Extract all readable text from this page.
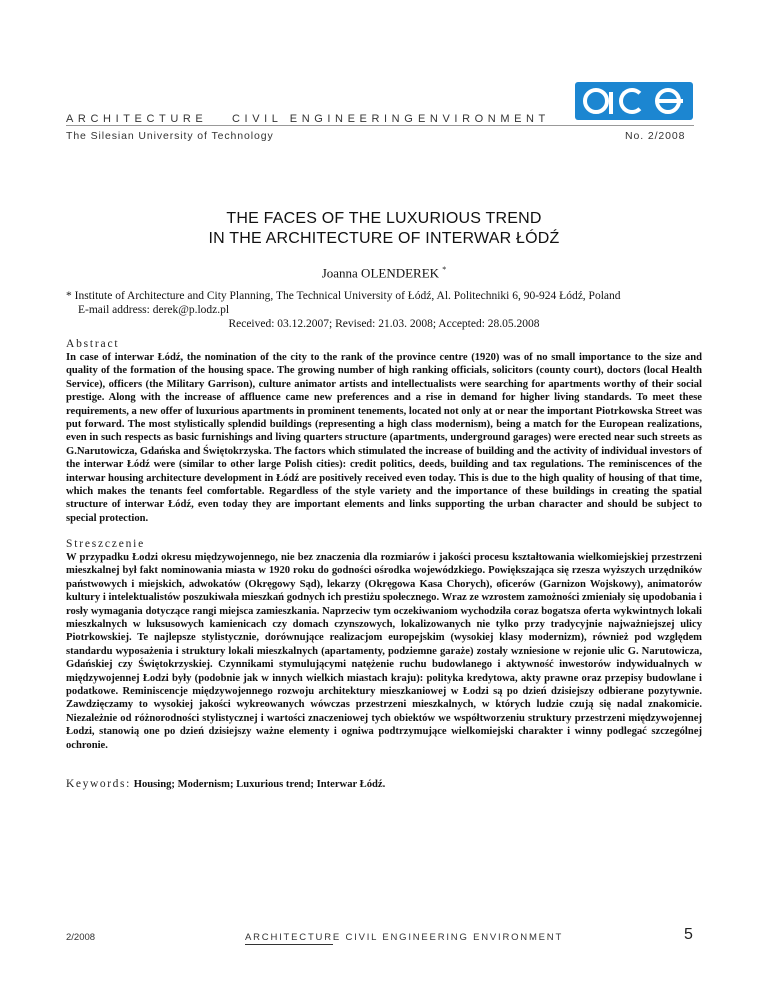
ARCHITECTURE CIVIL ENGINEERING ENVIRONMENT
The Silesian University of Technology	No. 2/2008
THE FACES OF THE LUXURIOUS TREND
IN THE ARCHITECTURE OF INTERWAR ŁÓDŹ
Joanna OLENDEREK *
* Institute of Architecture and City Planning, The Technical University of Łódź, Al. Politechniki 6, 90-924 Łódź, Poland
E-mail address: derek@p.lodz.pl
Received: 03.12.2007; Revised: 21.03. 2008; Accepted: 28.05.2008
Abstract
In case of interwar Łódź, the nomination of the city to the rank of the province centre (1920) was of no small importance to the size and quality of the formation of the housing space. The growing number of high ranking officials, solicitors (county court), doctors (local Health Service), officers (the Military Garrison), culture animator artists and intellectualists were searching for apartments worthy of their social prestige. Along with the increase of affluence came new preferences and a rise in demand for higher living standards. To meet these requirements, a new offer of luxurious apartments in prominent tenements, located not only at or near the important Piotrkowska Street was put forward. The most stylistically splendid buildings (representing a high class modernism), being a match for the European realizations, even in such respects as basic furnishings and living quarters structure (apartments, underground garages) were erected near such streets as G.Narutowicza, Gdańska and Świętokrzyska. The factors which stimulated the increase of building and the activity of individual investors of the interwar Łódź were (similar to other large Polish cities): credit politics, deeds, building and tax regulations. The reminiscences of the interwar housing architecture development in Łódź are positively received even today. This is due to the high quality of housing of that time, which makes the tenants feel comfortable. Regardless of the style variety and the importance of these buildings in creating the spatial structure of interwar Łódź, even today they are important elements and links supporting the urban character and should be subject to special protection.
Streszczenie
W przypadku Łodzi okresu międzywojennego, nie bez znaczenia dla rozmiarów i jakości procesu kształtowania wielkomiejskiej przestrzeni mieszkalnej był fakt nominowania miasta w 1920 roku do godności ośrodka wojewódzkiego. Powiększająca się rzesza wyższych urzędników państwowych i miejskich, adwokatów (Okręgowy Sąd), lekarzy (Okręgowa Kasa Chorych), oficerów (Garnizon Wojskowy), animatorów kultury i intelektualistów poszukiwała mieszkań godnych ich prestiżu społecznego. Wraz ze wzrostem zamożności zmieniały się upodobania i rosły wymagania dotyczące rangi miejsca zamieszkania. Naprzeciw tym oczekiwaniom wychodziła coraz bogatsza oferta wykwintnych lokali mieszkalnych w luksusowych kamienicach czy domach czynszowych, lokalizowanych nie tylko przy tradycyjnie najważniejszej ulicy Piotrkowskiej. Te najlepsze stylistycznie, dorównujące realizacjom europejskim (wysokiej klasy modernizm), również pod względem standardu wyposażenia i struktury lokali mieszkalnych (apartamenty, podziemne garaże) zostały wzniesione w rejonie ulic G. Narutowicza, Gdańskiej czy Świętokrzyskiej. Czynnikami stymulującymi natężenie ruchu budowlanego i aktywność inwestorów indywidualnych w międzywojennej Łodzi były (podobnie jak w innych wielkich miastach kraju): polityka kredytowa, akty prawne oraz przepisy budowlane i podatkowe. Reminiscencje międzywojennego rozwoju architektury mieszkaniowej w Łodzi są po dzień dzisiejszy odbierane pozytywnie. Zawdzięczamy to wysokiej jakości wykreowanych wówczas przestrzeni mieszkalnych, w których ludzie czują się nadal znakomicie. Niezależnie od różnorodności stylistycznej i wartości znaczeniowej tych obiektów we współtworzeniu struktury przestrzeni międzywojennej Łodzi, stanowią one po dzień dzisiejszy ważne elementy i ogniwa podtrzymujące wielkomiejski charakter i winny podlegać szczególnej ochronie.
Keywords: Housing; Modernism; Luxurious trend; Interwar Łódź.
2/2008	ARCHITECTURE CIVIL ENGINEERING ENVIRONMENT	5
